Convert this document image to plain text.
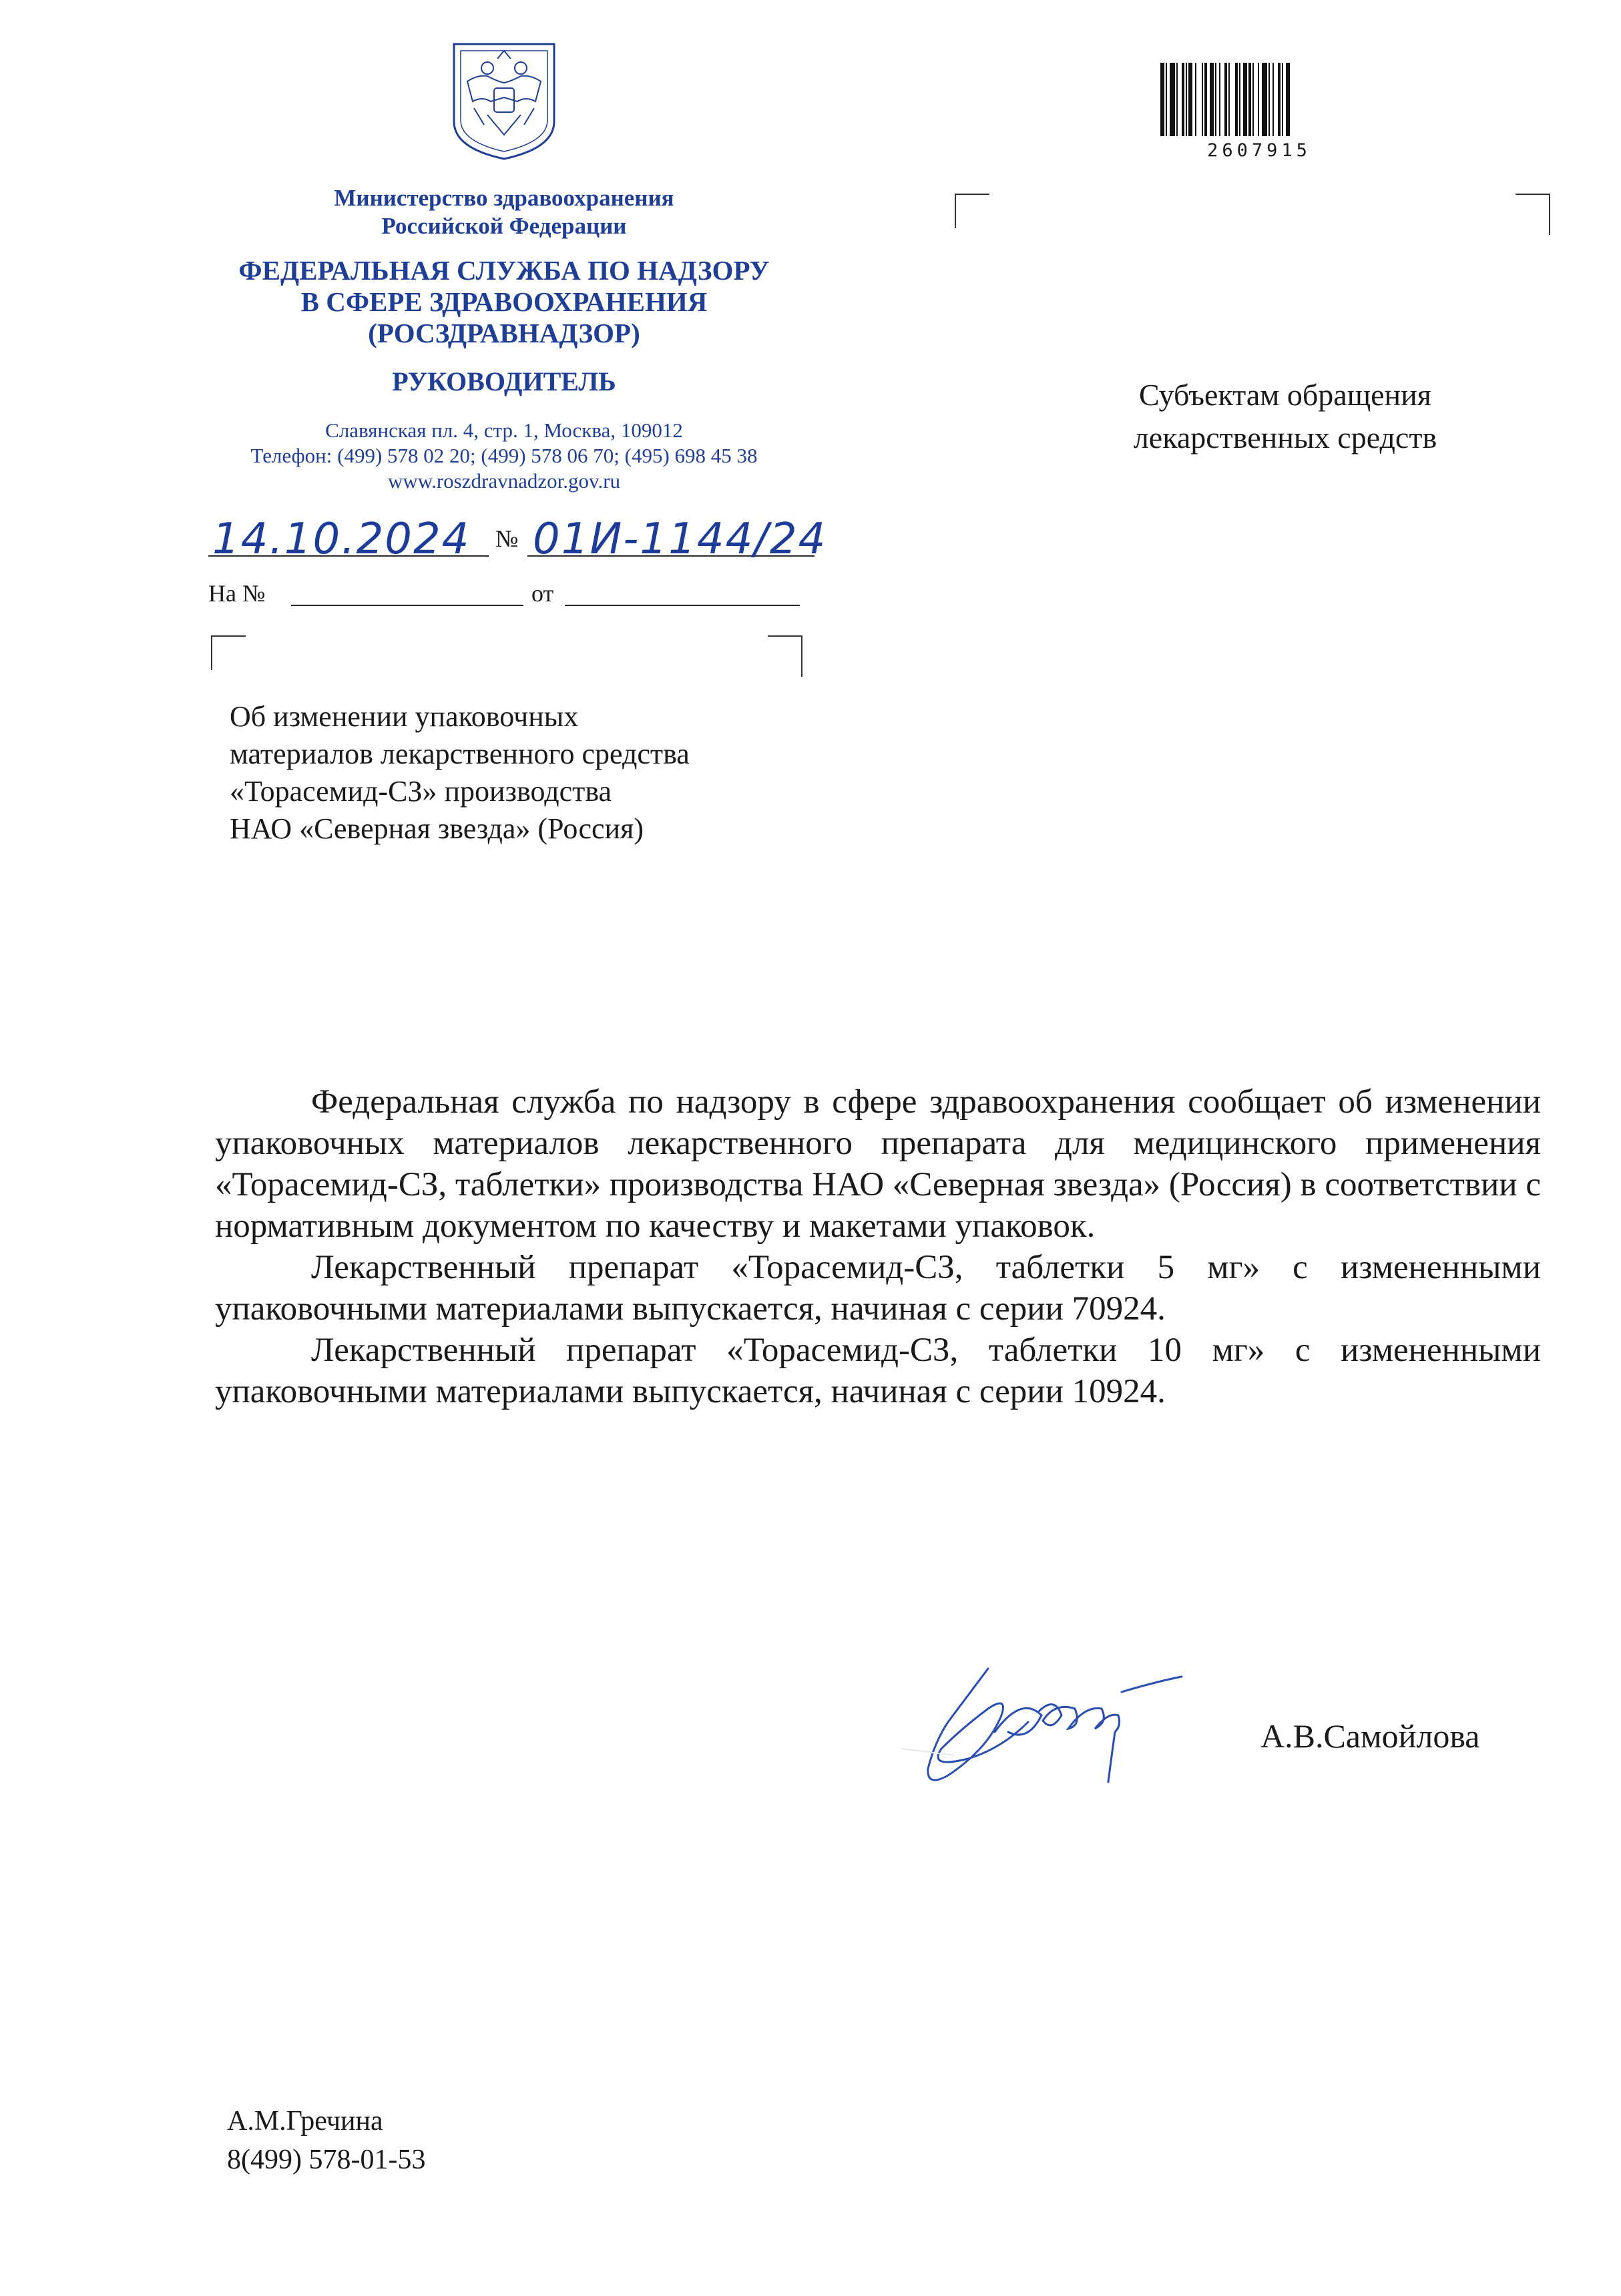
Министерство здравоохранения
Российской Федерации
ФЕДЕРАЛЬНАЯ СЛУЖБА ПО НАДЗОРУ
В СФЕРЕ ЗДРАВООХРАНЕНИЯ
(РОСЗДРАВНАДЗОР)
РУКОВОДИТЕЛЬ
Славянская пл. 4, стр. 1, Москва, 109012
Телефон: (499) 578 02 20; (499) 578 06 70; (495) 698 45 38
www.roszdravnadzor.gov.ru
14.10.2024 № 01И-1144/24
На №	от
2607915
Субъектам обращения
лекарственных средств
Об изменении упаковочных
материалов лекарственного средства
«Торасемид-СЗ» производства
НАО «Северная звезда» (Россия)

Федеральная служба по надзору в сфере здравоохранения сообщает об изменении упаковочных материалов лекарственного препарата для медицинского применения «Торасемид-СЗ, таблетки» производства НАО «Северная звезда» (Россия) в соответствии с нормативным документом по качеству и макетами упаковок.

Лекарственный препарат «Торасемид-СЗ, таблетки 5 мг» с измененными упаковочными материалами выпускается, начиная с серии 70924.

Лекарственный препарат «Торасемид-СЗ, таблетки 10 мг» с измененными упаковочными материалами выпускается, начиная с серии 10924.

А.В.Самойлова
А.М.Гречина
8(499) 578-01-53
